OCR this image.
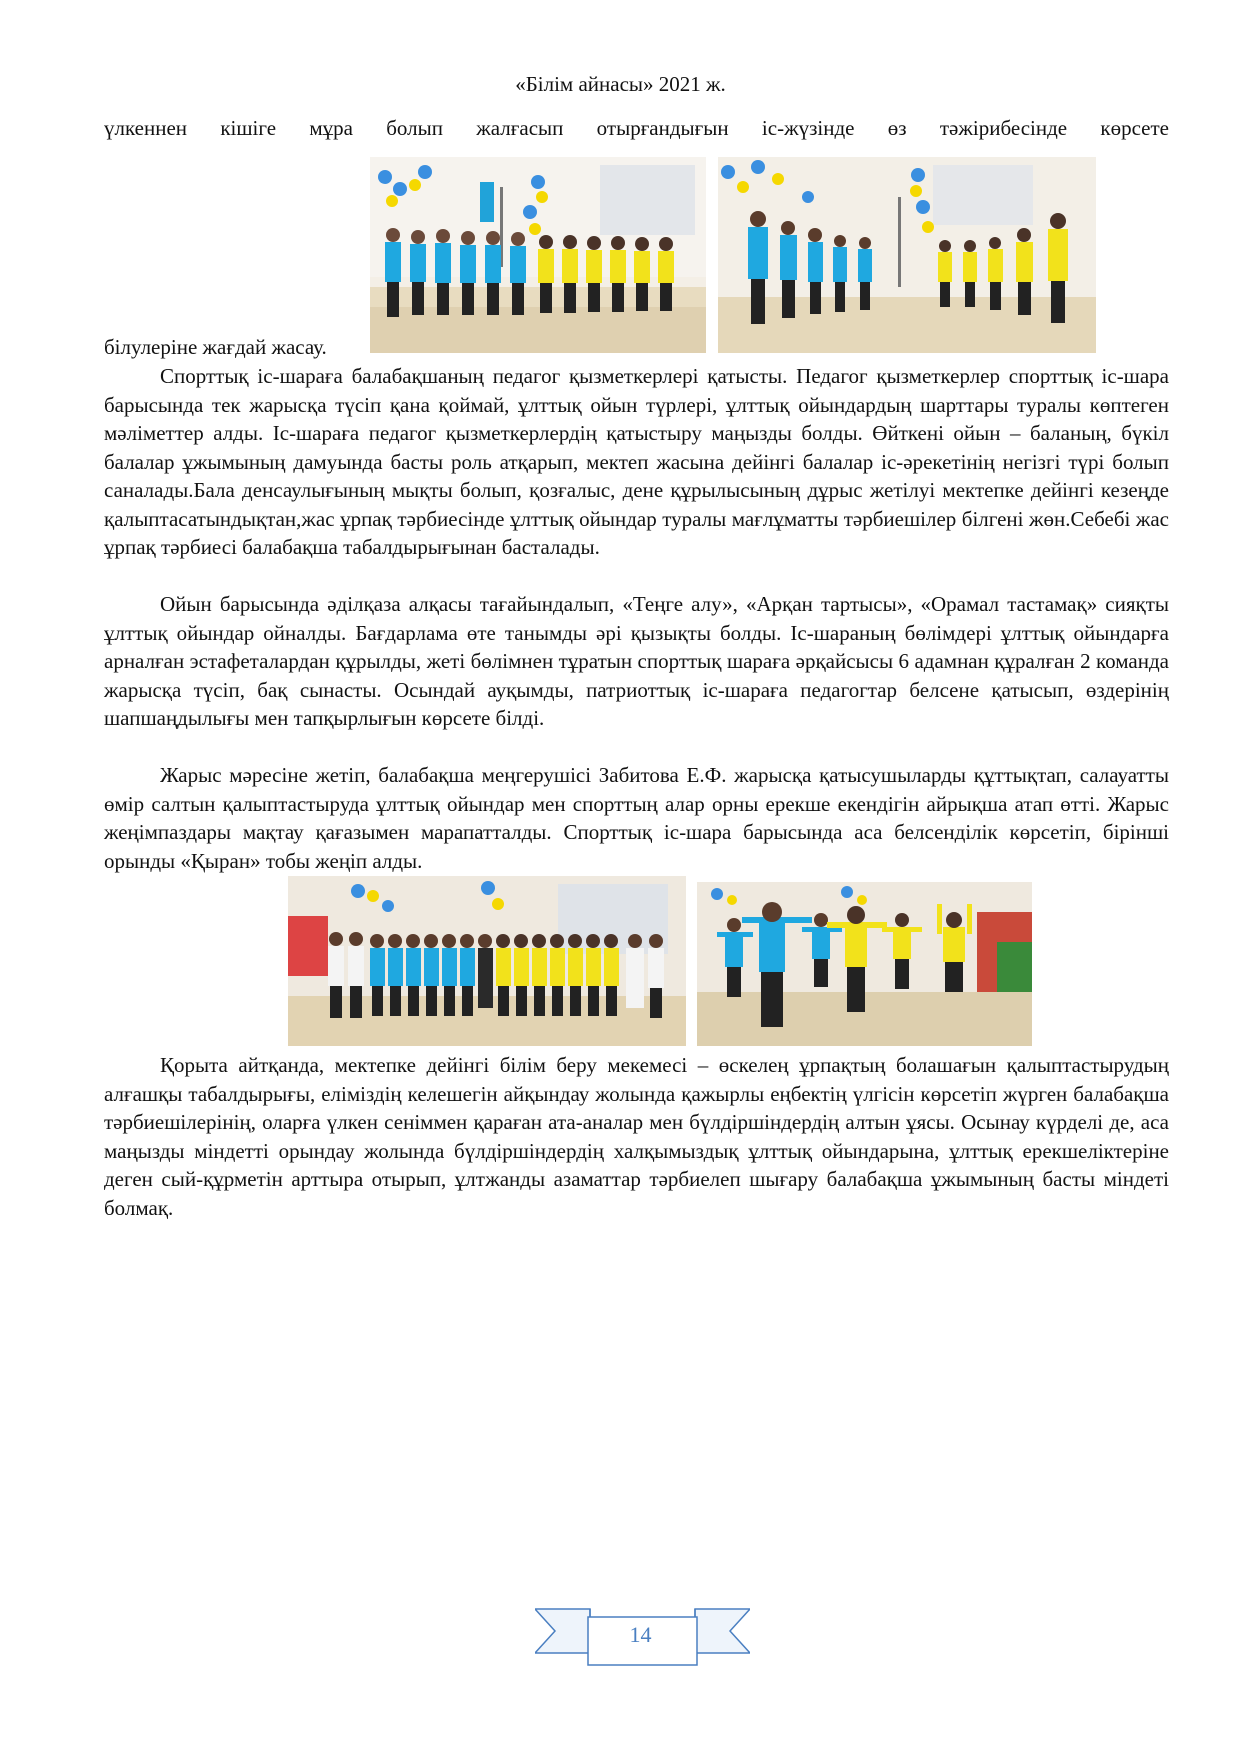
«Білім айнасы» 2021 ж.

үлкеннен кішіге мұра болып жалғасып отырғандығын іс-жүзінде өз тәжірибесінде көрсете

білулеріне жағдай жасау.

Спорттық іс-шараға балабақшаның педагог қызметкерлері қатысты. Педагог қызметкерлер спорттық іс-шара барысында тек жарысқа түсіп қана қоймай, ұлттық ойын түрлері, ұлттық ойындардың шарттары туралы көптеген мәліметтер алды. Іс-шараға педагог қызметкерлердің қатыстыру маңызды болды. Өйткені ойын – баланың, бүкіл балалар ұжымының дамуында басты роль атқарып, мектеп жасына дейінгі балалар іс-әрекетінің негізгі түрі болып саналады.Бала денсаулығының мықты болып, қозғалыс, дене құрылысының дұрыс жетілуі мектепке дейінгі кезеңде қалыптасатындықтан,жас ұрпақ тәрбиесінде ұлттық ойындар туралы мағлұматты тәрбиешілер білгені жөн.Себебі жас ұрпақ тәрбиесі балабақша табалдырығынан басталады.

Ойын барысында әділқаза алқасы тағайындалып, «Теңге алу», «Арқан тартысы», «Орамал тастамақ» сияқты ұлттық ойындар ойналды. Бағдарлама өте танымды әрі қызықты болды. Іс-шараның бөлімдері ұлттық ойындарға арналған эстафеталардан құрылды, жеті бөлімнен тұратын спорттық шараға әрқайсысы 6 адамнан құралған 2 команда жарысқа түсіп, бақ сынасты. Осындай ауқымды, патриоттық іс-шараға педагогтар белсене қатысып, өздерінің шапшаңдылығы мен тапқырлығын көрсете білді.

Жарыс мәресіне жетіп, балабақша меңгерушісі Забитова Е.Ф. жарысқа қатысушыларды құттықтап, салауатты өмір салтын қалыптастыруда ұлттық ойындар мен спорттың алар орны ерекше екендігін айрықша атап өтті. Жарыс жеңімпаздары мақтау қағазымен марапатталды. Спорттық іс-шара барысында аса белсенділік көрсетіп, бірінші орынды «Қыран» тобы жеңіп алды.

Қорыта айтқанда, мектепке дейінгі білім беру мекемесі – өскелең ұрпақтың болашағын қалыптастырудың алғашқы табалдырығы, еліміздің келешегін айқындау жолында қажырлы еңбектің үлгісін көрсетіп жүрген балабақша тәрбиешілерінің, оларға үлкен сеніммен қараған ата-аналар мен бүлдіршіндердің алтын ұясы. Осынау күрделі де, аса маңызды міндетті орындау жолында бүлдіршіндердің халқымыздық ұлттық ойындарына, ұлттық ерекшеліктеріне деген сый-құрметін арттыра отырып, ұлтжанды азаматтар тәрбиелеп шығару балабақша ұжымының басты міндеті болмақ.

14
